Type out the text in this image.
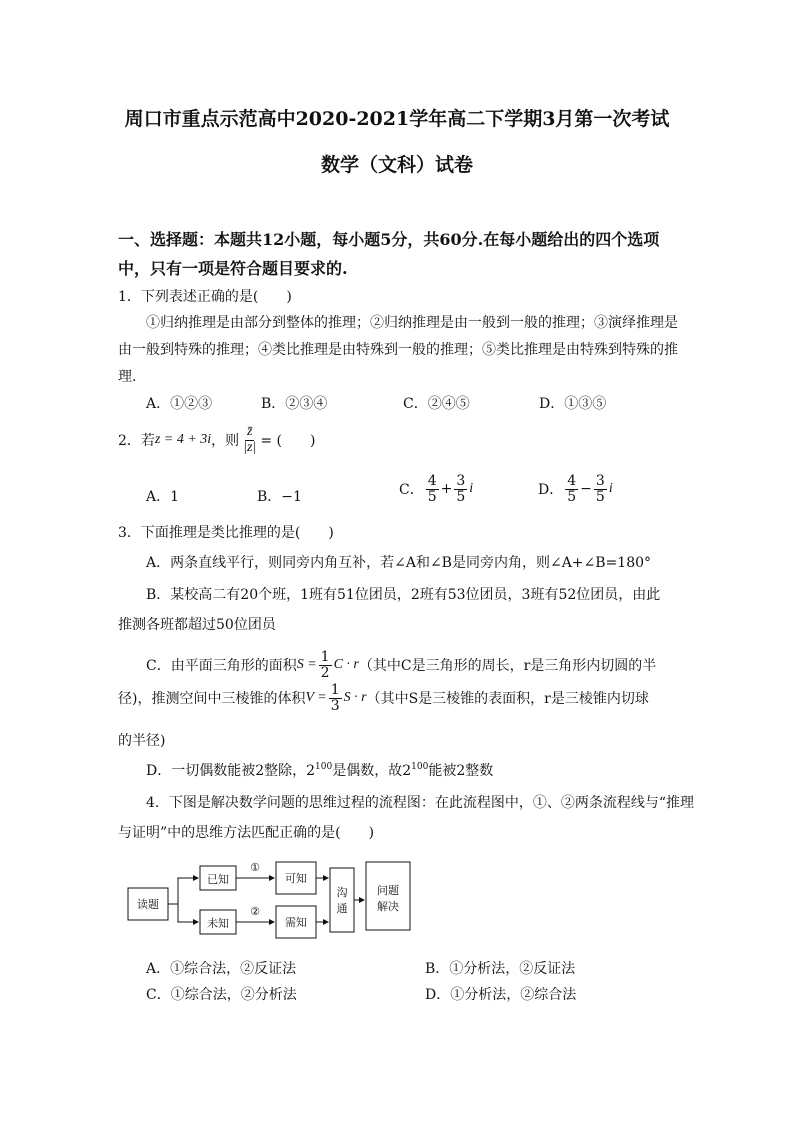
周口市重点示范高中2020-2021学年高二下学期3月第一次考试
数学（文科）试卷
一、选择题：本题共12小题，每小题5分，共60分.在每小题给出的四个选项
中，只有一项是符合题目要求的.
1．下列表述正确的是(　　)
①归纳推理是由部分到整体的推理；②归纳推理是由一般到一般的推理；③演绎推理是
由一般到特殊的推理；④类比推理是由特殊到一般的推理；⑤类比推理是由特殊到特殊的推
理.
A．①②③	B．②③④	C．②④⑤	D．①③⑤
2．若 z = 4 + 3i ，则 $\frac{z̄}{|z|}$ = (　　)
A．1	B．−1	C． $\frac{4}{5} + \frac{3}{5}$ i	D． $\frac{4}{5} - \frac{3}{5}$ i
3．下面推理是类比推理的是(　　)
A．两条直线平行，则同旁内角互补，若∠A和∠B是同旁内角，则∠A+∠B=180°
B．某校高二有20个班，1班有51位团员，2班有53位团员，3班有52位团员，由此
推测各班都超过50位团员
C．由平面三角形的面积 $S = \frac{1}{2}$ C · r （其中C是三角形的周长，r是三角形内切圆的半
径)，推测空间中三棱锥的体积 $V = \frac{1}{3}$ S · r （其中S是三棱锥的表面积，r是三棱锥内切球
的半径)
D．一切偶数能被2整除，$2^{100}$是偶数，故$2^{100}$能被2整数
4．下图是解决数学问题的思维过程的流程图：在此流程图中，①、②两条流程线与“推理
与证明”中的思维方法匹配正确的是(　　)
读题
已知
未知
①
②
可知
需知
沟
通
问题
解决
A．①综合法，②反证法	B．①分析法，②反证法
C．①综合法，②分析法	D．①分析法，②综合法
